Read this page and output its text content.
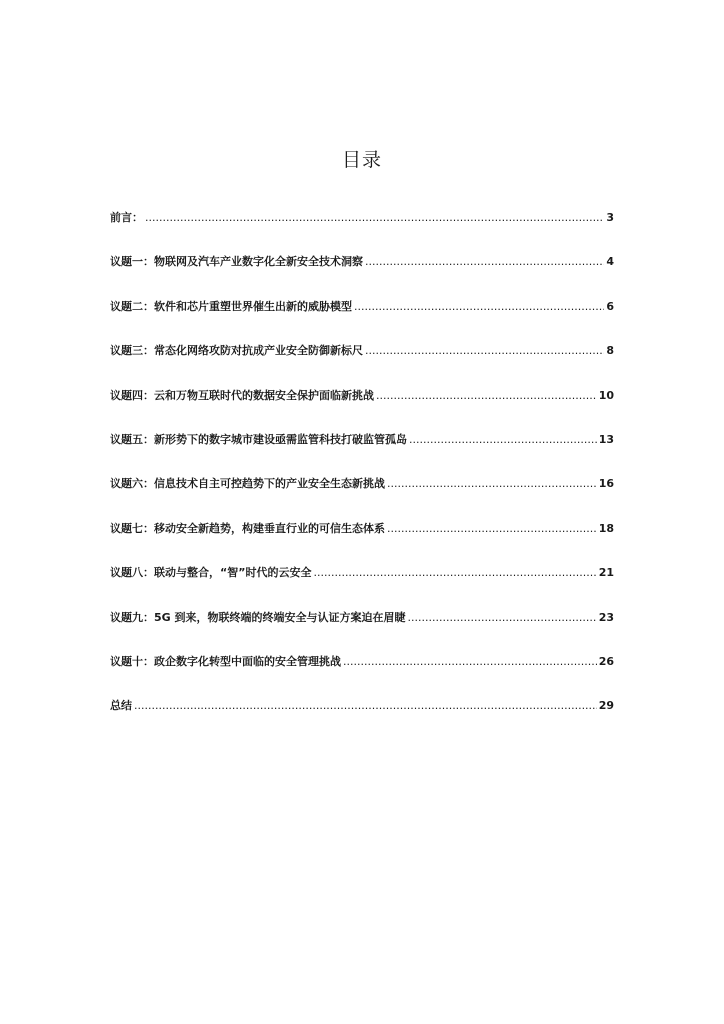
目录
前言： .....	3
议题一：物联网及汽车产业数字化全新安全技术洞察 .....	4
议题二：软件和芯片重塑世界催生出新的威胁模型 .....	6
议题三：常态化网络攻防对抗成产业安全防御新标尺 .....	8
议题四：云和万物互联时代的数据安全保护面临新挑战 .....	10
议题五：新形势下的数字城市建设亟需监管科技打破监管孤岛 .....	13
议题六：信息技术自主可控趋势下的产业安全生态新挑战 .....	16
议题七：移动安全新趋势，构建垂直行业的可信生态体系 .....	18
议题八：联动与整合，“智”时代的云安全 .....	21
议题九：5G 到来，物联终端的终端安全与认证方案迫在眉睫 .....	23
议题十：政企数字化转型中面临的安全管理挑战 .....	26
总结 .....	29
